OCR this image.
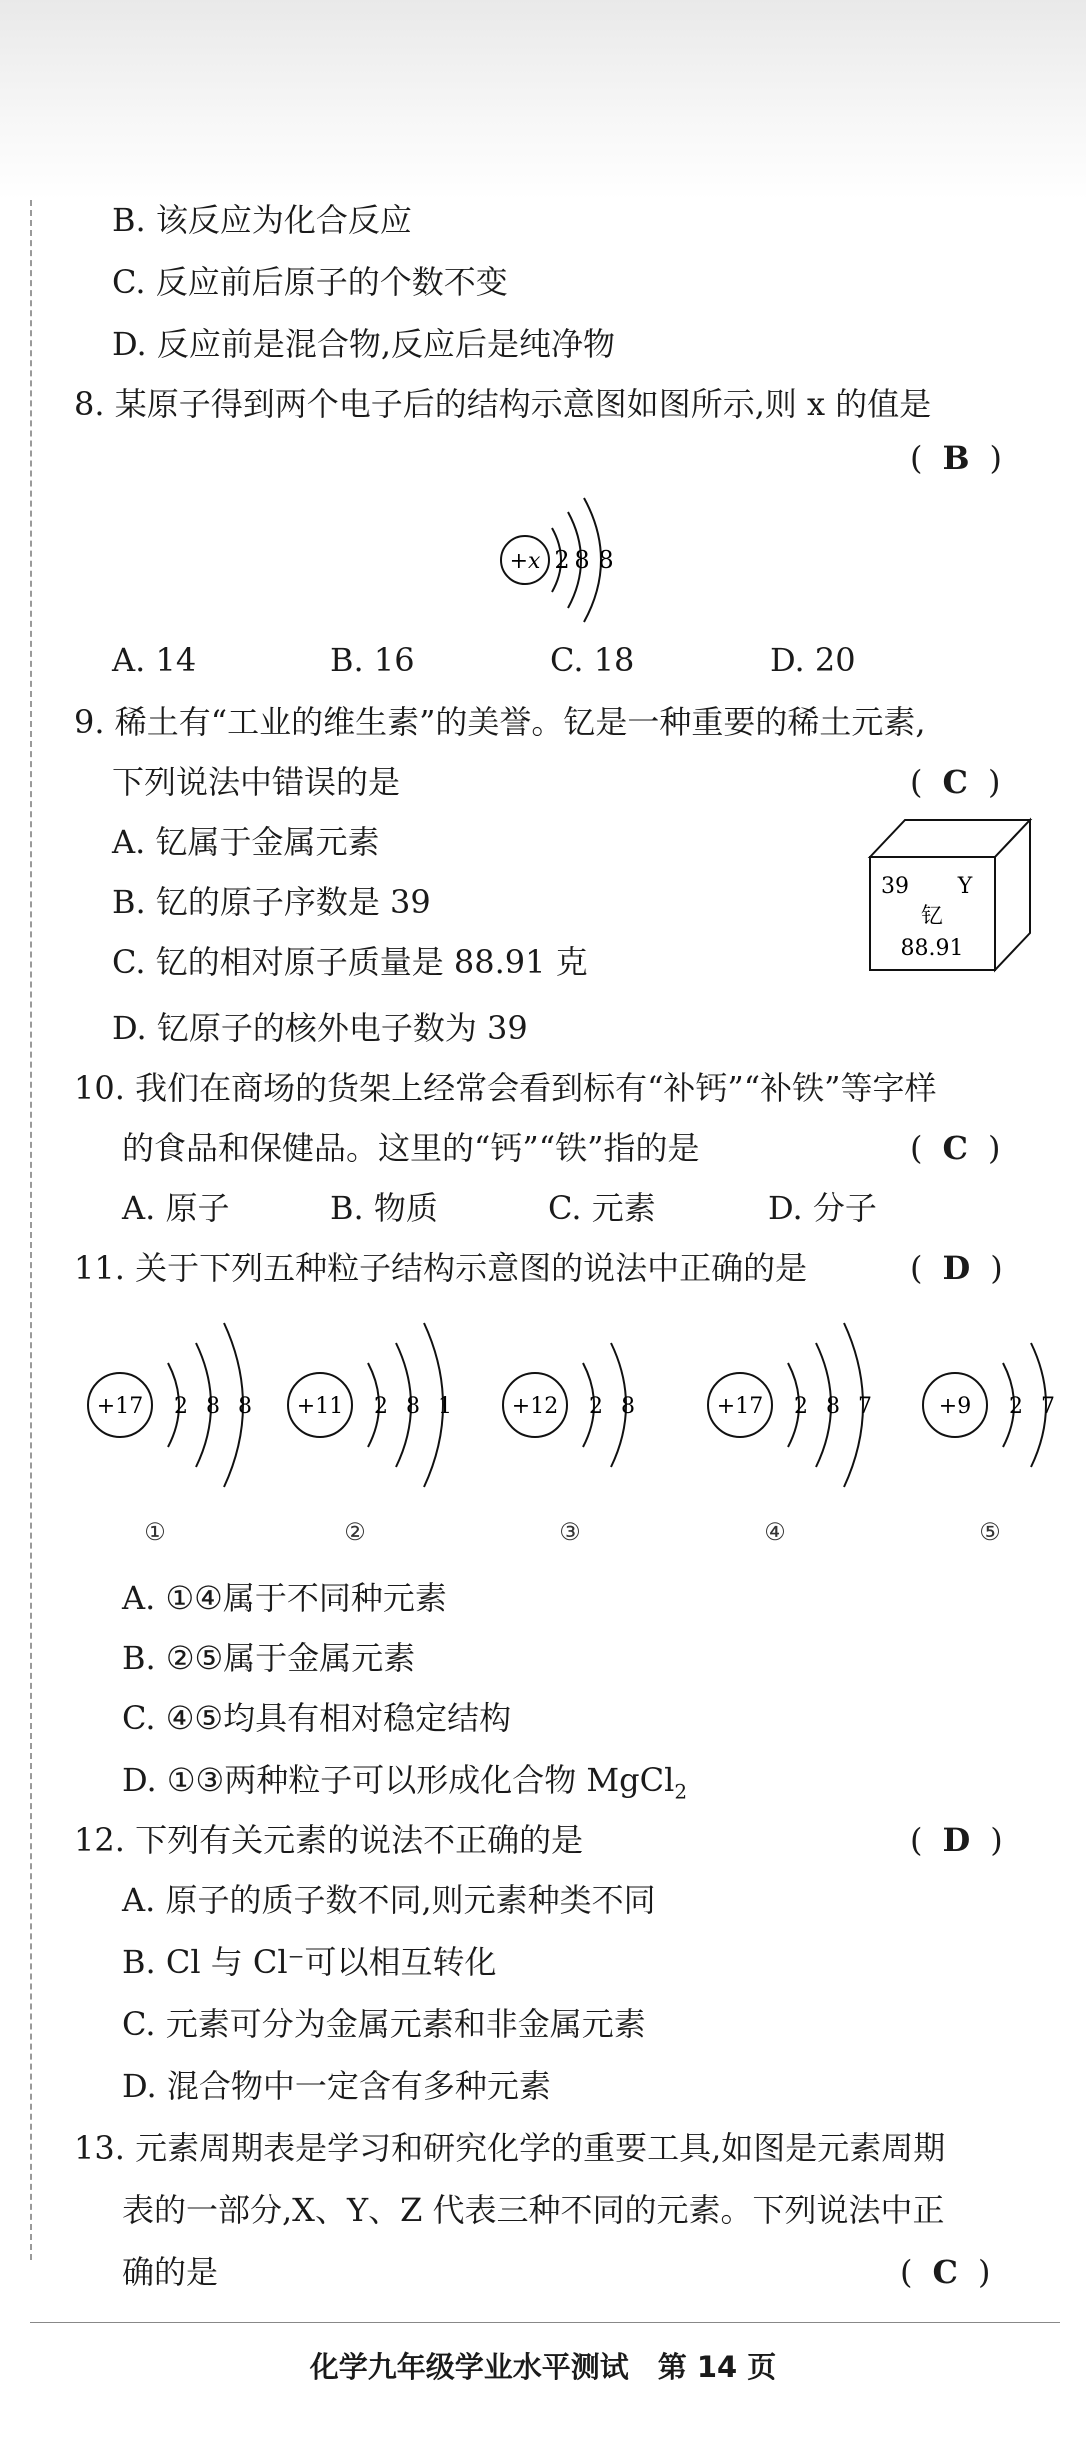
B. 该反应为化合反应
C. 反应前后原子的个数不变
D. 反应前是混合物,反应后是纯净物
8. 某原子得到两个电子后的结构示意图如图所示,则 x 的值是
( B )
+x 2 8 8
A. 14	B. 16	C. 18	D. 20
9. 稀土有“工业的维生素”的美誉。钇是一种重要的稀土元素,
下列说法中错误的是	( C )
A. 钇属于金属元素
B. 钇的原子序数是 39
C. 钇的相对原子质量是 88.91 克
D. 钇原子的核外电子数为 39
39 Y
钇
88.91
10. 我们在商场的货架上经常会看到标有“补钙”“补铁”等字样
的食品和保健品。这里的“钙”“铁”指的是	( C )
A. 原子	B. 物质	C. 元素	D. 分子
11. 关于下列五种粒子结构示意图的说法中正确的是	( D )
+17 2 8 8
①
+11 2 8 1
②
+12 2 8
③
+17 2 8 7
④
+9 2 7
⑤
A. ①④属于不同种元素
B. ②⑤属于金属元素
C. ④⑤均具有相对稳定结构
D. ①③两种粒子可以形成化合物 MgCl$_2$
12. 下列有关元素的说法不正确的是	( D )
A. 原子的质子数不同,则元素种类不同
B. Cl 与 Cl⁻可以相互转化
C. 元素可分为金属元素和非金属元素
D. 混合物中一定含有多种元素
13. 元素周期表是学习和研究化学的重要工具,如图是元素周期
表的一部分,X、Y、Z 代表三种不同的元素。下列说法中正
确的是	( C )
化学九年级学业水平测试　第 14 页
